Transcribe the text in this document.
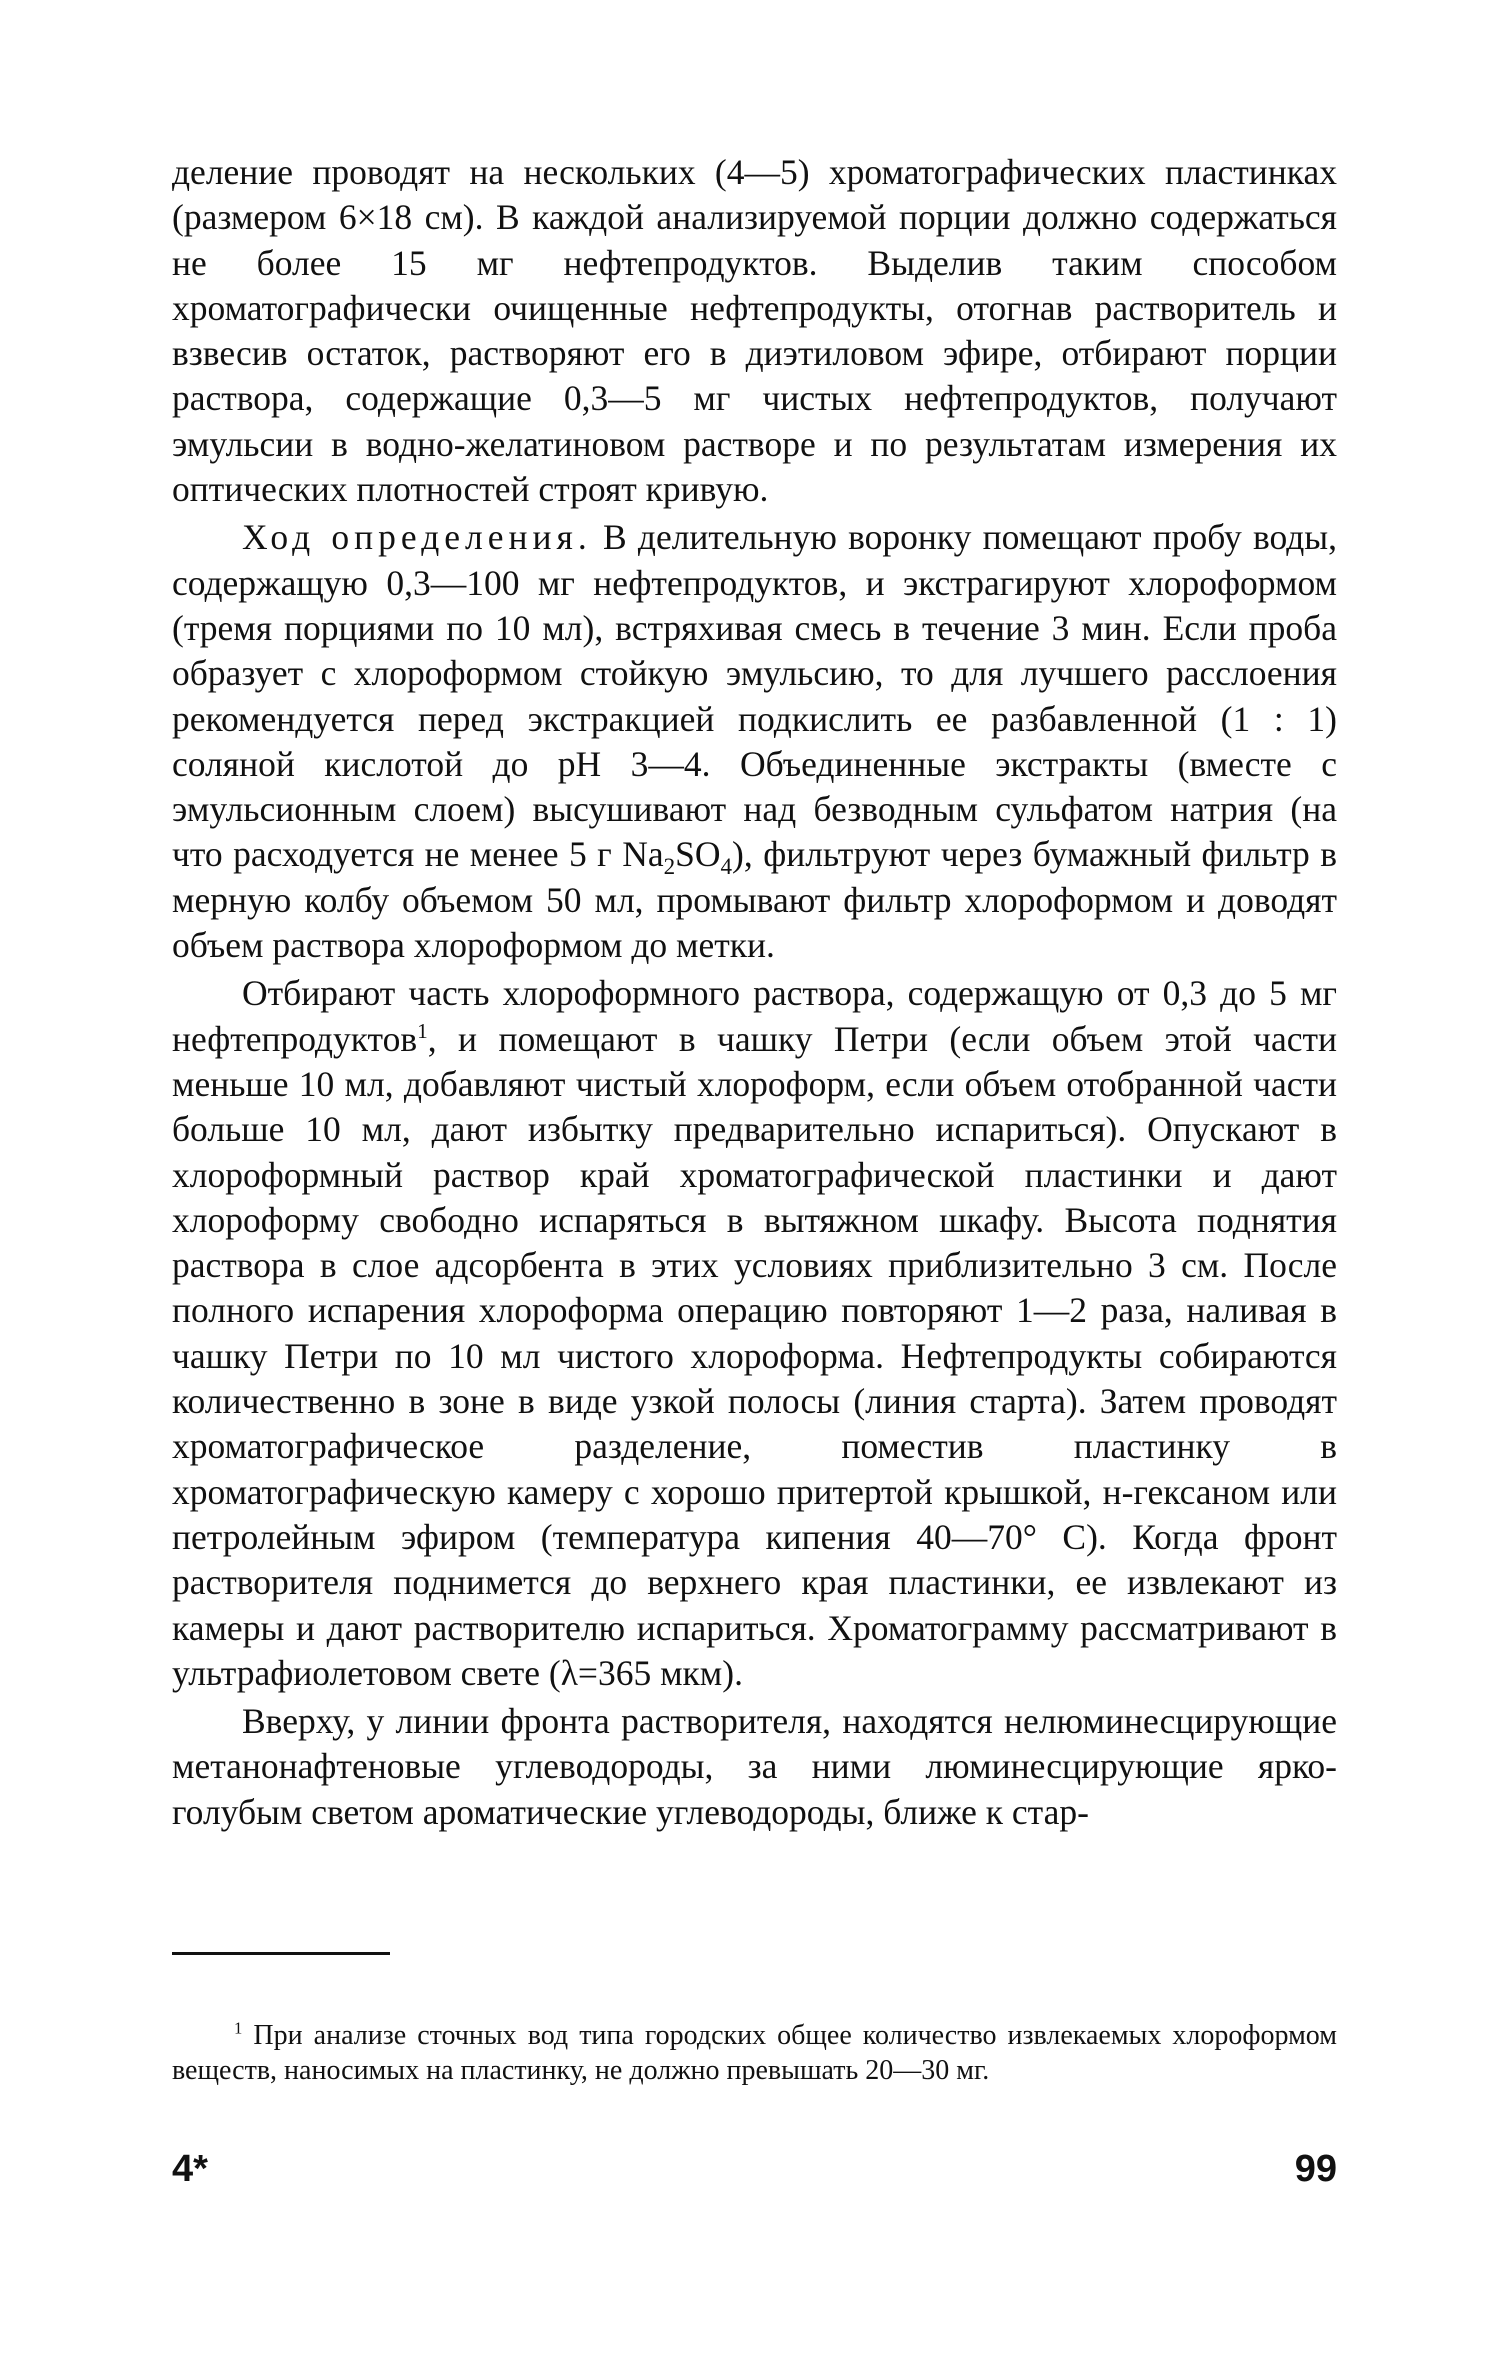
деление проводят на нескольких (4—5) хроматографических пластинках (размером 6×18 см). В каждой анализируемой порции должно содержаться не более 15 мг нефтепродуктов. Выделив таким способом хроматографически очищенные нефтепродукты, отогнав растворитель и взвесив остаток, растворяют его в диэтиловом эфире, отбирают порции раствора, содержащие 0,3—5 мг чистых нефтепродуктов, получают эмульсии в водно-желатиновом растворе и по результатам измерения их оптических плотностей строят кривую.

Ход определения. В делительную воронку помещают пробу воды, содержащую 0,3—100 мг нефтепродуктов, и экстрагируют хлороформом (тремя порциями по 10 мл), встряхивая смесь в течение 3 мин. Если проба образует с хлороформом стойкую эмульсию, то для лучшего расслоения рекомендуется перед экстракцией подкислить ее разбавленной (1 : 1) соляной кислотой до pH 3—4. Объединенные экстракты (вместе с эмульсионным слоем) высушивают над безводным сульфатом натрия (на что расходуется не менее 5 г $Na_2SO_4$), фильтруют через бумажный фильтр в мерную колбу объемом 50 мл, промывают фильтр хлороформом и доводят объем раствора хлороформом до метки.

Отбирают часть хлороформного раствора, содержащую от 0,3 до 5 мг нефтепродуктов$^1$, и помещают в чашку Петри (если объем этой части меньше 10 мл, добавляют чистый хлороформ, если объем отобранной части больше 10 мл, дают избытку предварительно испариться). Опускают в хлороформный раствор край хроматографической пластинки и дают хлороформу свободно испаряться в вытяжном шкафу. Высота поднятия раствора в слое адсорбента в этих условиях приблизительно 3 см. После полного испарения хлороформа операцию повторяют 1—2 раза, наливая в чашку Петри по 10 мл чистого хлороформа. Нефтепродукты собираются количественно в зоне в виде узкой полосы (линия старта). Затем проводят хроматографическое разделение, поместив пластинку в хроматографическую камеру с хорошо притертой крышкой, н-гексаном или петролейным эфиром (температура кипения 40—70° С). Когда фронт растворителя поднимется до верхнего края пластинки, ее извлекают из камеры и дают растворителю испариться. Хроматограмму рассматривают в ультрафиолетовом свете (λ=365 мкм).

Вверху, у линии фронта растворителя, находятся нелюминесцирующие метанонафтеновые углеводороды, за ними люминесцирующие ярко-голубым светом ароматические углеводороды, ближе к стар-

$^1$ При анализе сточных вод типа городских общее количество извлекаемых хлороформом веществ, наносимых на пластинку, не должно превышать 20—30 мг.

4*	99
